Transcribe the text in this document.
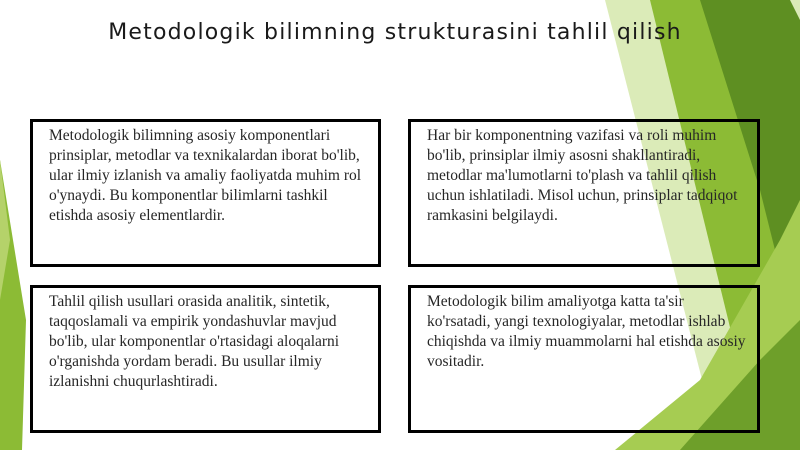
Metodologik bilimning strukturasini tahlil qilish

Metodologik bilimning asosiy komponentlari prinsiplar, metodlar va texnikalardan iborat bo'lib, ular ilmiy izlanish va amaliy faoliyatda muhim rol o'ynaydi. Bu komponentlar bilimlarni tashkil etishda asosiy elementlardir.

Har bir komponentning vazifasi va roli muhim bo'lib, prinsiplar ilmiy asosni shakllantiradi, metodlar ma'lumotlarni to'plash va tahlil qilish uchun ishlatiladi. Misol uchun, prinsiplar tadqiqot ramkasini belgilaydi.

Tahlil qilish usullari orasida analitik, sintetik, taqqoslamali va empirik yondashuvlar mavjud bo'lib, ular komponentlar o'rtasidagi aloqalarni o'rganishda yordam beradi. Bu usullar ilmiy izlanishni chuqurlashtiradi.

Metodologik bilim amaliyotga katta ta'sir ko'rsatadi, yangi texnologiyalar, metodlar ishlab chiqishda va ilmiy muammolarni hal etishda asosiy vositadir.
